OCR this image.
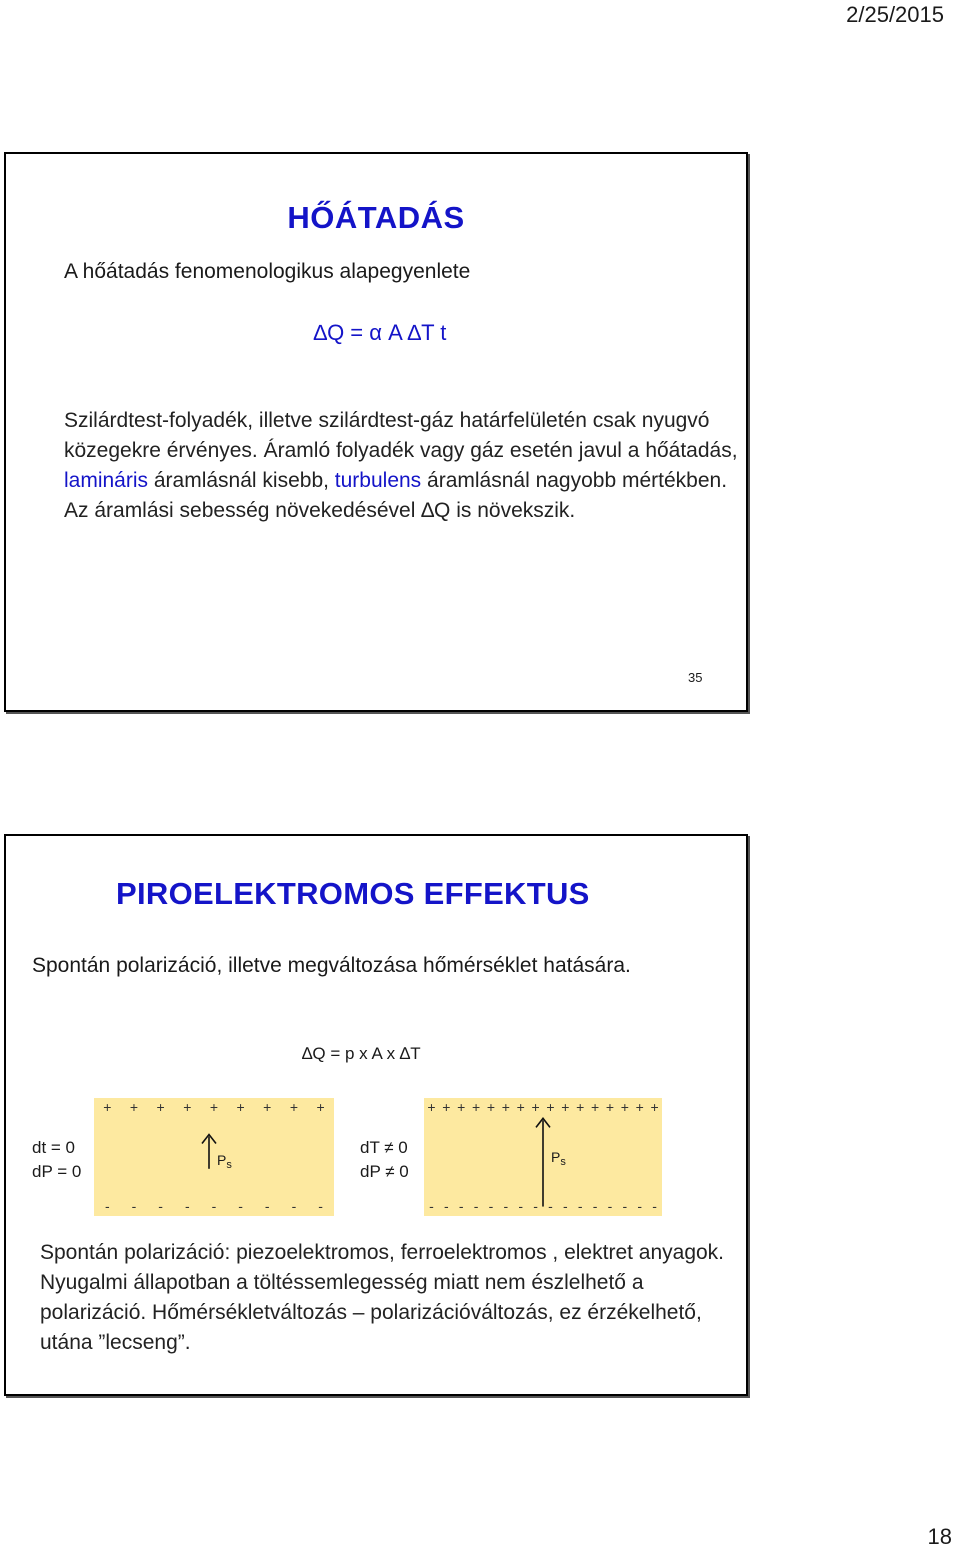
2/25/2015
HŐÁTADÁS
A hőátadás fenomenologikus alapegyenlete
∆Q = α A ∆T t
Szilárdtest-folyadék, illetve szilárdtest-gáz határfelületén csak nyugvó közegekre érvényes. Áramló folyadék vagy gáz esetén javul a hőátadás, lamináris áramlásnál kisebb, turbulens áramlásnál nagyobb mértékben. Az áramlási sebesség növekedésével ∆Q is növekszik.
35
PIROELEKTROMOS EFFEKTUS
Spontán polarizáció, illetve megváltozása hőmérséklet hatására.
∆Q = p x A x ∆T
dt = 0
dP = 0
+ + + + + + + + +
- - - - - - - - -
$P_s$
dT ≠ 0
dP ≠ 0
+ + + + + + + + + + + + + + + +
- - - - - - - - - - - - - - - -
$P_s$
Spontán polarizáció: piezoelektromos, ferroelektromos , elektret anyagok. Nyugalmi állapotban a töltéssemlegesség miatt nem észlelhető a polarizáció. Hőmérsékletváltozás – polarizációváltozás, ez érzékelhető, utána ”lecseng”.
18
